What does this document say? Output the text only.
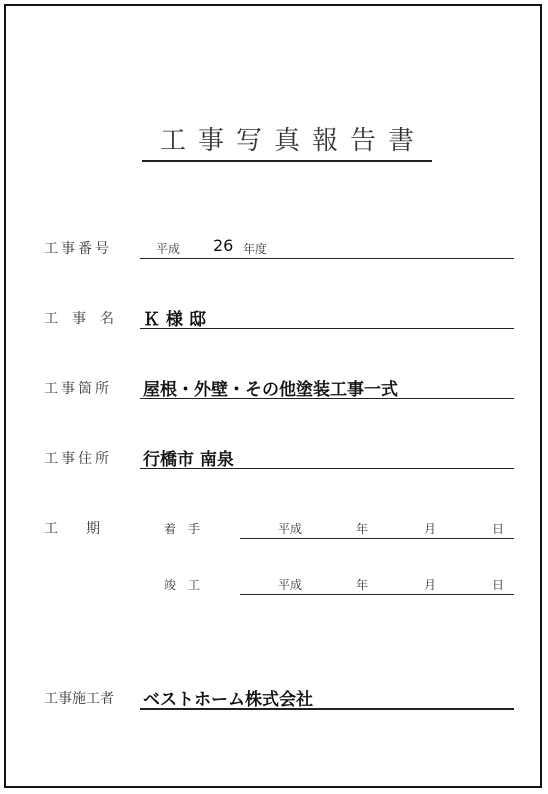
工事写真報告書
工事番号	平成 26 年度
工　事　名 Ｋ 様 邸
工事箇所 屋根・外壁・その他塗装工事一式
工事住所 行橋市 南泉
工　　期	着　手	平成	年	月	日
竣　工	平成	年	月	日
工事施工者 ベストホーム株式会社
